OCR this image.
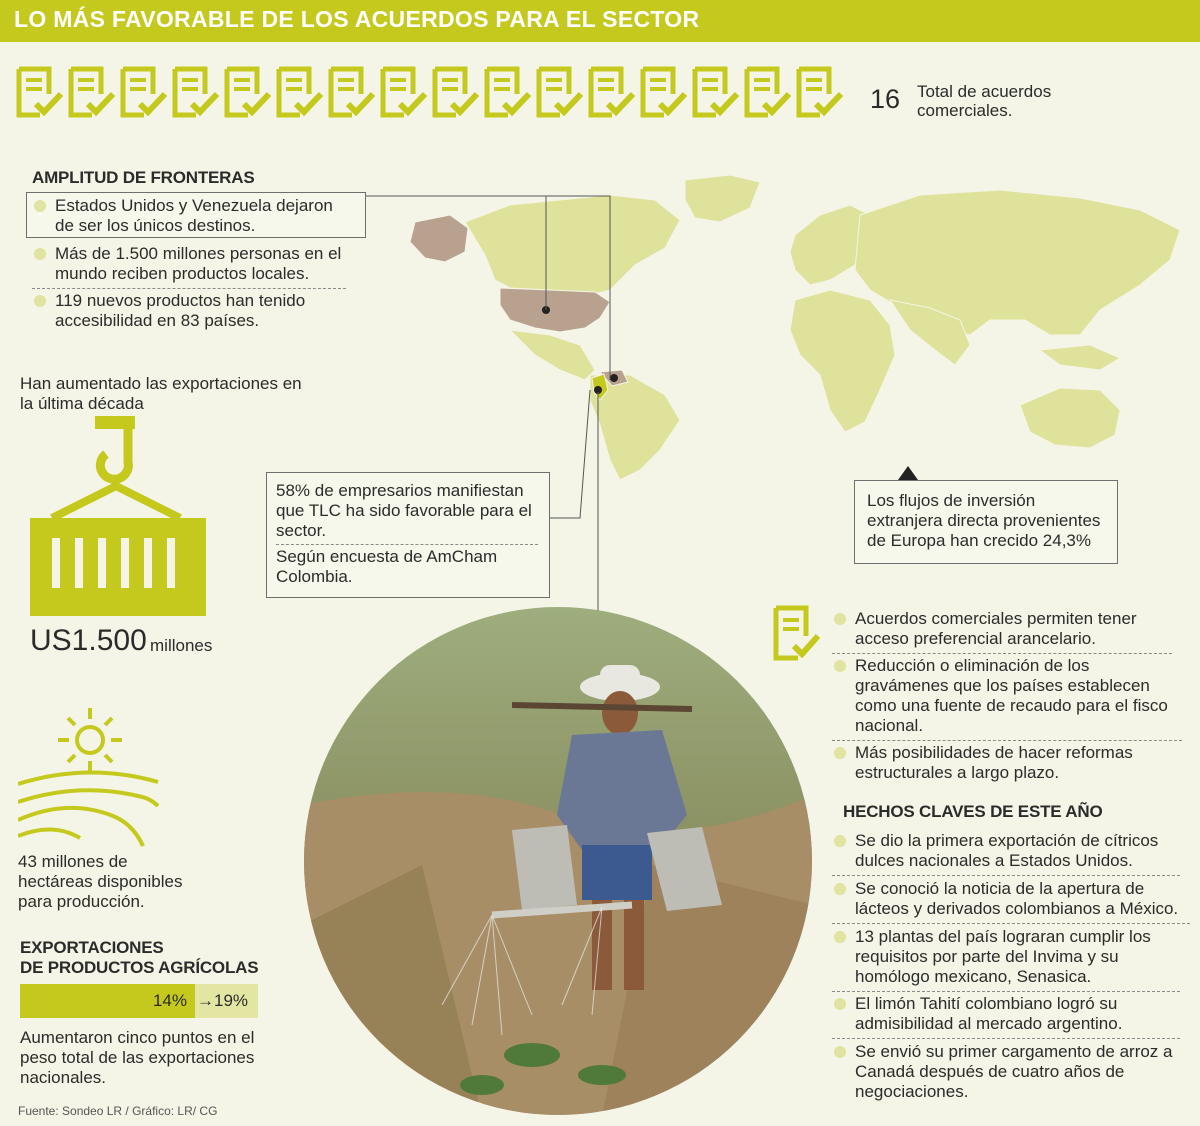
LO MÁS FAVORABLE DE LOS ACUERDOS PARA EL SECTOR
16 Total de acuerdos comerciales.
AMPLITUD DE FRONTERAS
Estados Unidos y Venezuela dejaron de ser los únicos destinos.
Más de 1.500 millones personas en el mundo reciben productos locales.
119 nuevos productos han tenido accesibilidad en 83 países.
Han aumentado las exportaciones en la última década
US1.500 millones
43 millones de hectáreas disponibles para producción.
EXPORTACIONES
DE PRODUCTOS AGRÍCOLAS
14% →19%
Aumentaron cinco puntos en el peso total de las exportaciones nacionales.
Fuente: Sondeo LR / Gráfico: LR/ CG
58% de empresarios manifiestan que TLC ha sido favorable para el sector.
Según encuesta de AmCham Colombia.
Los flujos de inversión extranjera directa provenientes de Europa han crecido 24,3%
Acuerdos comerciales permiten tener acceso preferencial arancelario.
Reducción o eliminación de los gravámenes que los países establecen como una fuente de recaudo para el fisco nacional.
Más posibilidades de hacer reformas estructurales a largo plazo.
HECHOS CLAVES DE ESTE AÑO
Se dio la primera exportación de cítricos dulces nacionales a Estados Unidos.
Se conoció la noticia de la apertura de lácteos y derivados colombianos a México.
13 plantas del país lograran cumplir los requisitos por parte del Invima y su homólogo mexicano, Senasica.
El limón Tahití colombiano logró su admisibilidad al mercado argentino.
Se envió su primer cargamento de arroz a Canadá después de cuatro años de negociaciones.
